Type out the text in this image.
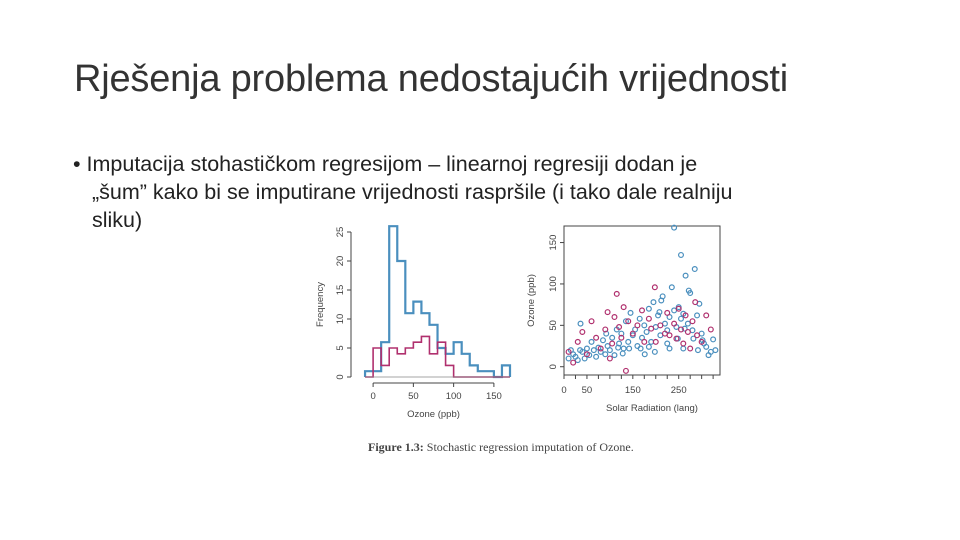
Rješenja problema nedostajućih vrijednosti
• Imputacija stohastičkom regresijom – linearnoj regresiji dodan je
„šum” kako bi se imputirane vrijednosti raspršile (i tako dale realniju
sliku)
0
5
10
15
20
25
Frequency
0	50	100	150
Ozone (ppb)
0
50
100
150
Ozone (ppb)
0 50	150	250
Solar Radiation (lang)
Figure 1.3: Stochastic regression imputation of Ozone.
